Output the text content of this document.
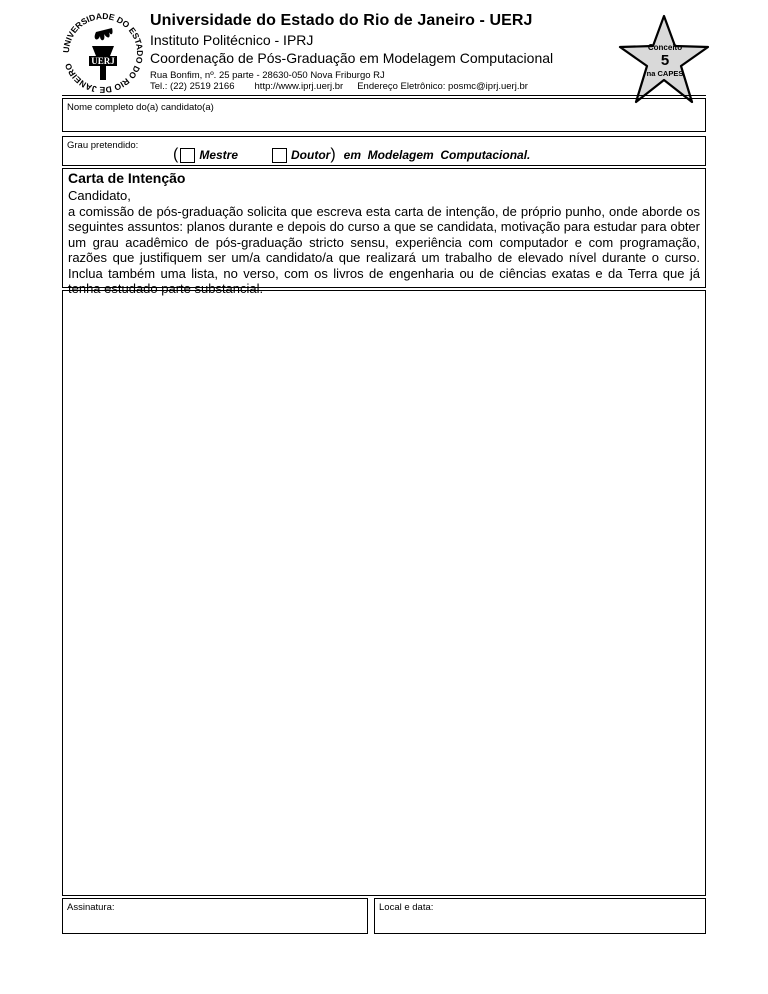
NIVERSIDADE DO ESTA O DO RIO DE JANEIRO
UERJ
Universidade do Estado do Rio de Janeiro - UERJ
Instituto Politécnico - IPRJ
Coordenação de Pós-Graduação em Modelagem Computacional
Rua Bonfim, nº. 25 parte - 28630-050 Nova Friburgo RJ
Tel.: (22) 2519 2166 http://www.iprj.uerj.br Endereço Eletrônico: posmc@iprj.uerj.br
Conceito
5
na CAPES
Nome completo do(a) candidato(a)
Grau pretendido:
( Mestre	Doutor ) em  Modelagem  Computacional.
Carta de Intenção

Candidato,

a comissão de pós-graduação solicita que escreva esta carta de intenção, de próprio punho, onde aborde os seguintes assuntos: planos durante e depois do curso a que se candidata, motivação para estudar para obter um grau acadêmico de pós-graduação stricto sensu, experiência com computador e com programação, razões que justifiquem ser um/a candidato/a que realizará um trabalho de elevado nível durante o curso. Inclua também uma lista, no verso, com os livros de engenharia ou de ciências exatas e da Terra que já tenha estudado parte substancial.

Assinatura:	Local e data:
